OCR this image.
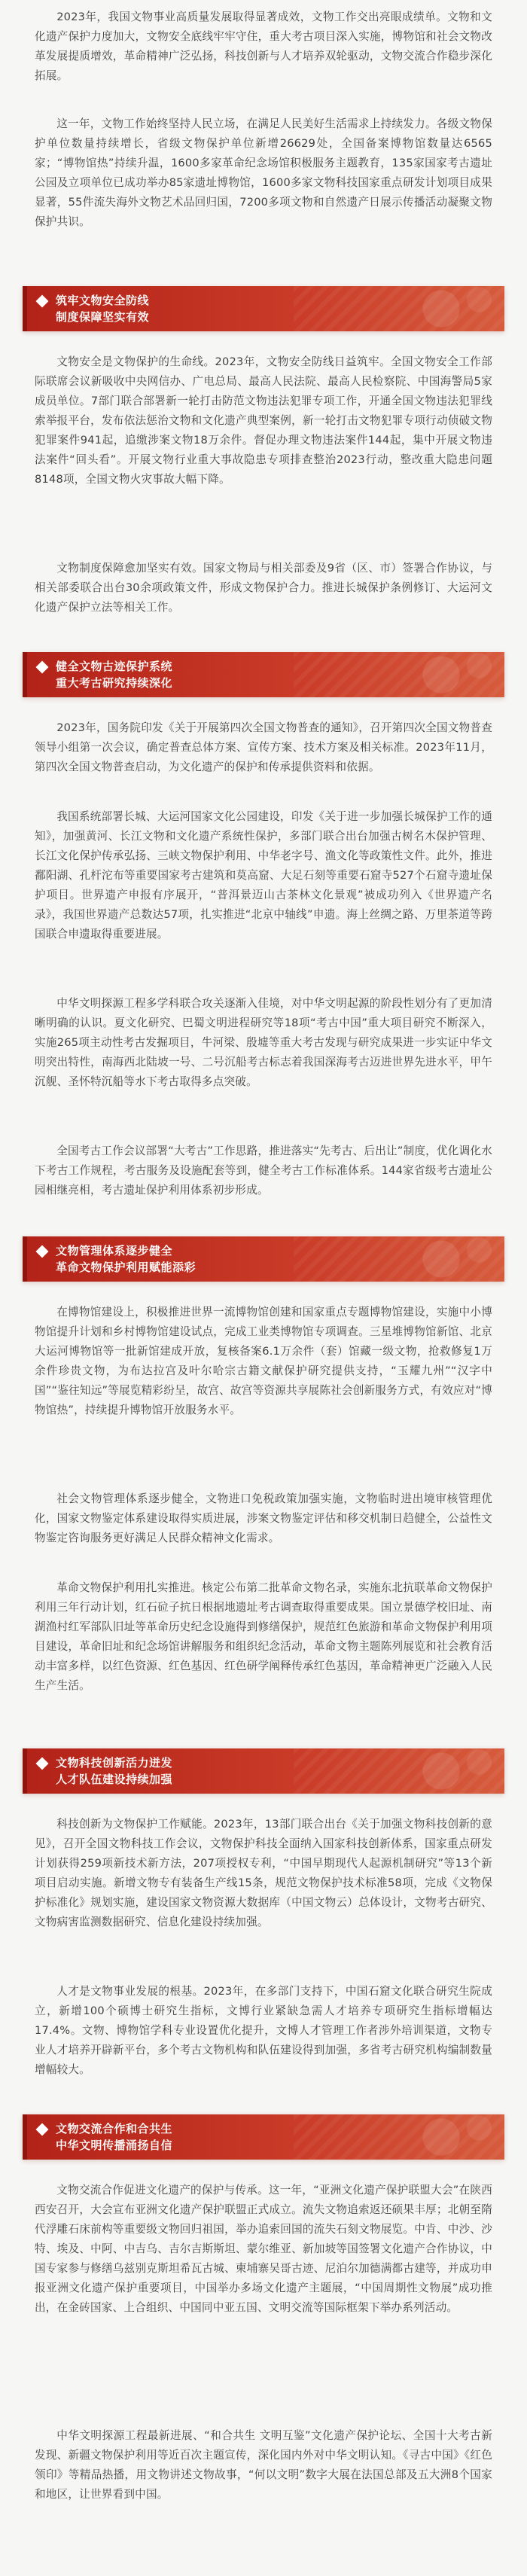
2023年，我国文物事业高质量发展取得显著成效，文物工作交出亮眼成绩单。文物和文化遗产保护力度加大，文物安全底线牢牢守住，重大考古项目深入实施，博物馆和社会文物改革发展提质增效，革命精神广泛弘扬，科技创新与人才培养双轮驱动，文物交流合作稳步深化拓展。

这一年，文物工作始终坚持人民立场，在满足人民美好生活需求上持续发力。各级文物保护单位数量持续增长，省级文物保护单位新增26629处，全国备案博物馆数量达6565家；“博物馆热”持续升温，1600多家革命纪念场馆积极服务主题教育，135家国家考古遗址公园及立项单位已成功举办85家遗址博物馆，1600多家文物科技国家重点研发计划项目成果显著，55件流失海外文物艺术品回归国，7200多项文物和自然遗产日展示传播活动凝聚文物保护共识。

筑牢文物安全防线
制度保障坚实有效

文物安全是文物保护的生命线。2023年，文物安全防线日益筑牢。全国文物安全工作部际联席会议新吸收中央网信办、广电总局、最高人民法院、最高人民检察院、中国海警局5家成员单位。7部门联合部署新一轮打击防范文物违法犯罪专项工作，开通全国文物违法犯罪线索举报平台，发布依法惩治文物和文化遗产典型案例，新一轮打击文物犯罪专项行动侦破文物犯罪案件941起，追缴涉案文物18万余件。督促办理文物违法案件144起，集中开展文物违法案件“回头看”。开展文物行业重大事故隐患专项排查整治2023行动，整改重大隐患问题8148项，全国文物火灾事故大幅下降。

文物制度保障愈加坚实有效。国家文物局与相关部委及9省（区、市）签署合作协议，与相关部委联合出台30余项政策文件，形成文物保护合力。推进长城保护条例修订、大运河文化遗产保护立法等相关工作。

健全文物古迹保护系统
重大考古研究持续深化

2023年，国务院印发《关于开展第四次全国文物普查的通知》，召开第四次全国文物普查领导小组第一次会议，确定普查总体方案、宣传方案、技术方案及相关标准。2023年11月，第四次全国文物普查启动，为文化遗产的保护和传承提供资料和依据。

我国系统部署长城、大运河国家文化公园建设，印发《关于进一步加强长城保护工作的通知》，加强黄河、长江文物和文化遗产系统性保护，多部门联合出台加强古树名木保护管理、长江文化保护传承弘扬、三峡文物保护利用、中华老字号、渔文化等政策性文件。此外，推进鄱阳湖、孔杆沱布等重要国家考古建筑和莫高窟、大足石刻等重要石窟寺527个石窟寺遗址保护项目。世界遗产申报有序展开，“普洱景迈山古茶林文化景观”被成功列入《世界遗产名录》，我国世界遗产总数达57项，扎实推进“北京中轴线”申遗。海上丝绸之路、万里茶道等跨国联合申遗取得重要进展。

中华文明探源工程多学科联合攻关逐渐入佳境，对中华文明起源的阶段性划分有了更加清晰明确的认识。夏文化研究、巴蜀文明进程研究等18项“考古中国”重大项目研究不断深入，实施265项主动性考古发掘项目，牛河梁、殷墟等重大考古发现与研究成果进一步实证中华文明突出特性，南海西北陆坡一号、二号沉船考古标志着我国深海考古迈进世界先进水平，甲午沉舰、圣怀特沉船等水下考古取得多点突破。

全国考古工作会议部署“大考古”工作思路，推进落实“先考古、后出让”制度，优化调化水下考古工作规程，考古服务及设施配套等到，健全考古工作标准体系。144家省级考古遗址公园相继亮相，考古遗址保护利用体系初步形成。

文物管理体系逐步健全
革命文物保护利用赋能添彩

在博物馆建设上，积极推进世界一流博物馆创建和国家重点专题博物馆建设，实施中小博物馆提升计划和乡村博物馆建设试点，完成工业类博物馆专项调查。三星堆博物馆新馆、北京大运河博物馆等一批新馆建成开放，复核备案6.1万余件（套）馆藏一级文物，抢救修复1万余件珍贵文物，为布达拉宫及叶尔哈宗古籍文献保护研究提供支持，“玉耀九州”“汉字中国”“鉴往知远”等展览精彩纷呈，故宫、故宫等资源共享展陈社会创新服务方式，有效应对“博物馆热”，持续提升博物馆开放服务水平。

社会文物管理体系逐步健全，文物进口免税政策加强实施，文物临时进出境审核管理优化，国家文物鉴定体系建设取得实质进展，涉案文物鉴定评估和移交机制日趋健全，公益性文物鉴定咨询服务更好满足人民群众精神文化需求。

革命文物保护利用扎实推进。核定公布第二批革命文物名录，实施东北抗联革命文物保护利用三年行动计划，红石砬子抗日根据地遗址考古调查取得重要成果。国立景德学校旧址、南湖渔村红军部队旧址等革命历史纪念设施得到修缮保护，规范红色旅游和革命文物保护利用项目建设，革命旧址和纪念场馆讲解服务和组织纪念活动，革命文物主题陈列展览和社会教育活动丰富多样，以红色资源、红色基因、红色研学阐释传承红色基因，革命精神更广泛融入人民生产生活。

文物科技创新活力迸发
人才队伍建设持续加强

科技创新为文物保护工作赋能。2023年，13部门联合出台《关于加强文物科技创新的意见》，召开全国文物科技工作会议，文物保护科技全面纳入国家科技创新体系，国家重点研发计划获得259项新技术新方法，207项授权专利，“中国早期现代人起源机制研究”等13个新项目启动实施。新增文物专有装备生产线15条，规范文物保护技术标准58项，完成《文物保护标准化》规划实施，建设国家文物资源大数据库（中国文物云）总体设计，文物考古研究、文物病害监测数据研究、信息化建设持续加强。

人才是文物事业发展的根基。2023年，在多部门支持下，中国石窟文化联合研究生院成立，新增100个硕博士研究生指标，文博行业紧缺急需人才培养专项研究生指标增幅达17.4%。文物、博物馆学科专业设置优化提升，文博人才管理工作者涉外培训渠道，文物专业人才培养开辟新平台，多个考古文物机构和队伍建设得到加强，多省考古研究机构编制数量增幅较大。

文物交流合作和合共生
中华文明传播涌扬自信

文物交流合作促进文化遗产的保护与传承。这一年，“亚洲文化遗产保护联盟大会”在陕西西安召开，大会宣布亚洲文化遗产保护联盟正式成立。流失文物追索返还硕果丰厚；北朝至隋代浮雕石床前构等重要级文物回归祖国，举办追索回国的流失石刻文物展览。中肯、中沙、沙特、埃及、中阿、中吉乌、吉尔吉斯斯坦、蒙尔维亚、新加坡等国签署文化遗产合作协议，中国专家参与修缮乌兹别克斯坦希瓦古城、柬埔寨吴哥古迹、尼泊尔加德满都古建等，并成功申报亚洲文化遗产保护重要项目，中国举办多场文化遗产主题展，“中国周期性文物展”成功推出，在金砖国家、上合组织、中国同中亚五国、文明交流等国际框架下举办系列活动。

中华文明探源工程最新进展、“和合共生 文明互鉴”文化遗产保护论坛、全国十大考古新发现、新疆文物保护利用等近百次主题宣传，深化国内外对中华文明认知。《寻古中国》《红色领印》等精品热播，用文物讲述文物故事，“何以文明”数字大展在法国总部及五大洲8个国家和地区，让世界看到中国。
